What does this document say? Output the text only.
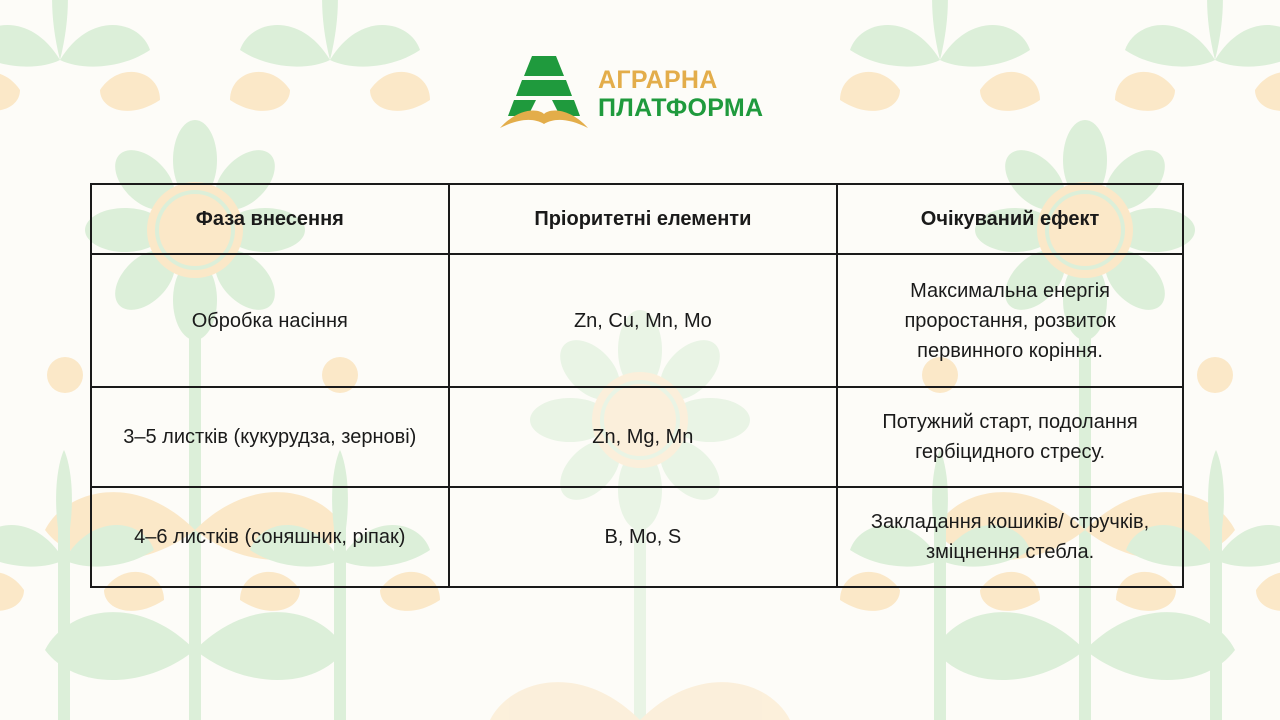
АГРАРНА
ПЛАТФОРМА
Фаза внесення	Пріоритетні елементи	Очікуваний ефект
Обробка насіння	Zn, Cu, Mn, Mo	Максимальна енергія проростання, розвиток первинного коріння.
3–5 листків (кукурудза, зернові)	Zn, Mg, Mn	Потужний старт, подолання гербіцидного стресу.
4–6 листків (соняшник, ріпак)	B, Mo, S	Закладання кошиків/ стручків, зміцнення стебла.
